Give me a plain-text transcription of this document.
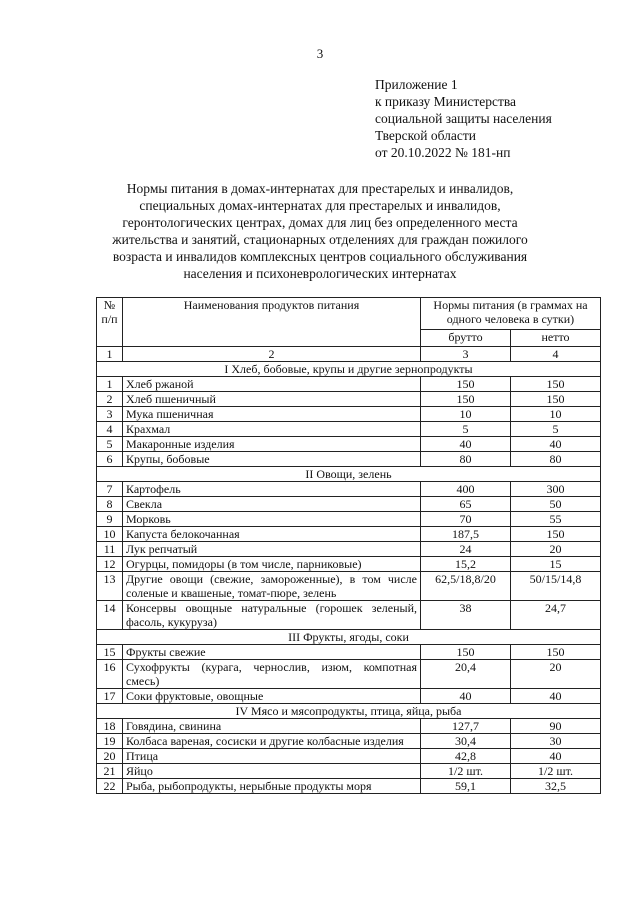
3
Приложение 1
к приказу Министерства
социальной защиты населения
Тверской области
от 20.10.2022 № 181-нп
Нормы питания в домах-интернатах для престарелых и инвалидов,
специальных домах-интернатах для престарелых и инвалидов,
геронтологических центрах, домах для лиц без определенного места
жительства и занятий, стационарных отделениях для граждан пожилого
возраста и инвалидов комплексных центров социального обслуживания
населения и психоневрологических интернатах
№ п/п	Наименования продуктов питания	Нормы питания (в граммах на одного человека в сутки)	
		брутто	нетто
1	2	3	4
I Хлеб, бобовые, крупы и другие зернопродукты			
1	Хлеб ржаной	150	150
2	Хлеб пшеничный	150	150
3	Мука пшеничная	10	10
4	Крахмал	5	5
5	Макаронные изделия	40	40
6	Крупы, бобовые	80	80
II Овощи, зелень			
7	Картофель	400	300
8	Свекла	65	50
9	Морковь	70	55
10	Капуста белокочанная	187,5	150
11	Лук репчатый	24	20
12	Огурцы, помидоры (в том числе, парниковые)	15,2	15
13	Другие овощи (свежие, замороженные), в том числе соленые и квашеные, томат-пюре, зелень	62,5/18,8/20	50/15/14,8
14	Консервы овощные натуральные (горошек зеленый, фасоль, кукуруза)	38	24,7
III Фрукты, ягоды, соки			
15	Фрукты свежие	150	150
16	Сухофрукты (курага, чернослив, изюм, компотная смесь)	20,4	20
17	Соки фруктовые, овощные	40	40
IV Мясо и мясопродукты, птица, яйца, рыба			
18	Говядина, свинина	127,7	90
19	Колбаса вареная, сосиски и другие колбасные изделия	30,4	30
20	Птица	42,8	40
21	Яйцо	1/2 шт.	1/2 шт.
22	Рыба, рыбопродукты, нерыбные продукты моря	59,1	32,5
